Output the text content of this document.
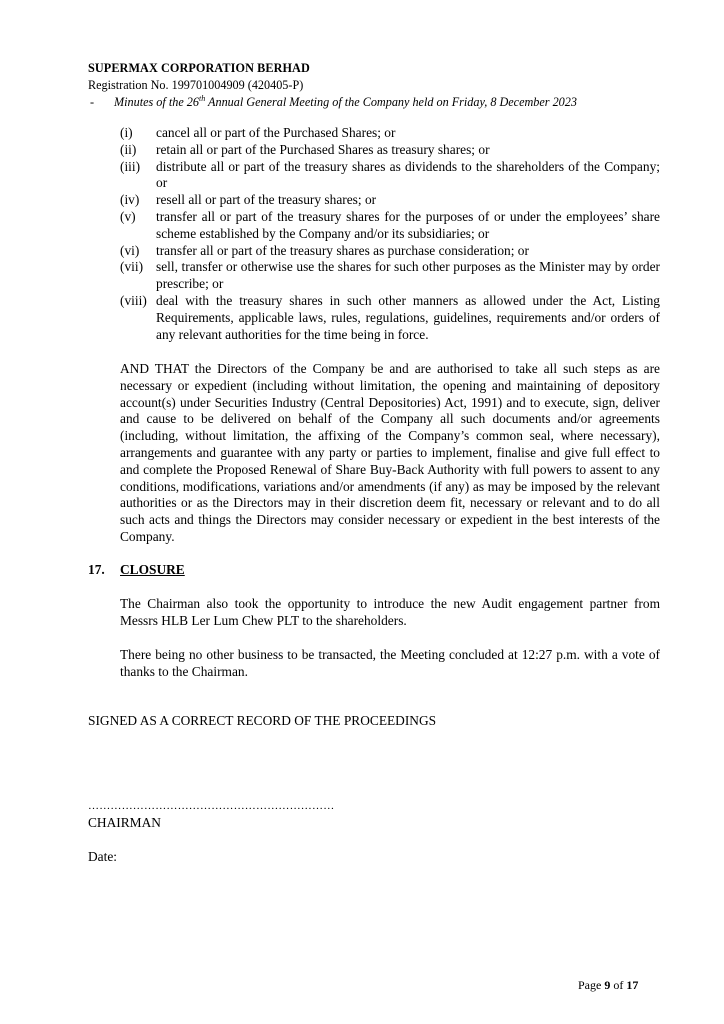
SUPERMAX CORPORATION BERHAD
Registration No. 199701004909 (420405-P)
- Minutes of the 26th Annual General Meeting of the Company held on Friday, 8 December 2023
(i) cancel all or part of the Purchased Shares; or
(ii) retain all or part of the Purchased Shares as treasury shares; or
(iii) distribute all or part of the treasury shares as dividends to the shareholders of the Company; or
(iv) resell all or part of the treasury shares; or
(v) transfer all or part of the treasury shares for the purposes of or under the employees’ share scheme established by the Company and/or its subsidiaries; or
(vi) transfer all or part of the treasury shares as purchase consideration; or
(vii) sell, transfer or otherwise use the shares for such other purposes as the Minister may by order prescribe; or
(viii) deal with the treasury shares in such other manners as allowed under the Act, Listing Requirements, applicable laws, rules, regulations, guidelines, requirements and/or orders of any relevant authorities for the time being in force.

AND THAT the Directors of the Company be and are authorised to take all such steps as are necessary or expedient (including without limitation, the opening and maintaining of depository account(s) under Securities Industry (Central Depositories) Act, 1991) and to execute, sign, deliver and cause to be delivered on behalf of the Company all such documents and/or agreements (including, without limitation, the affixing of the Company’s common seal, where necessary), arrangements and guarantee with any party or parties to implement, finalise and give full effect to and complete the Proposed Renewal of Share Buy-Back Authority with full powers to assent to any conditions, modifications, variations and/or amendments (if any) as may be imposed by the relevant authorities or as the Directors may in their discretion deem fit, necessary or relevant and to do all such acts and things the Directors may consider necessary or expedient in the best interests of the Company.

17. CLOSURE

The Chairman also took the opportunity to introduce the new Audit engagement partner from Messrs HLB Ler Lum Chew PLT to the shareholders.

There being no other business to be transacted, the Meeting concluded at 12:27 p.m. with a vote of thanks to the Chairman.

SIGNED AS A CORRECT RECORD OF THE PROCEEDINGS
…………………………………………………………
CHAIRMAN
Date:
Page 9 of 17
